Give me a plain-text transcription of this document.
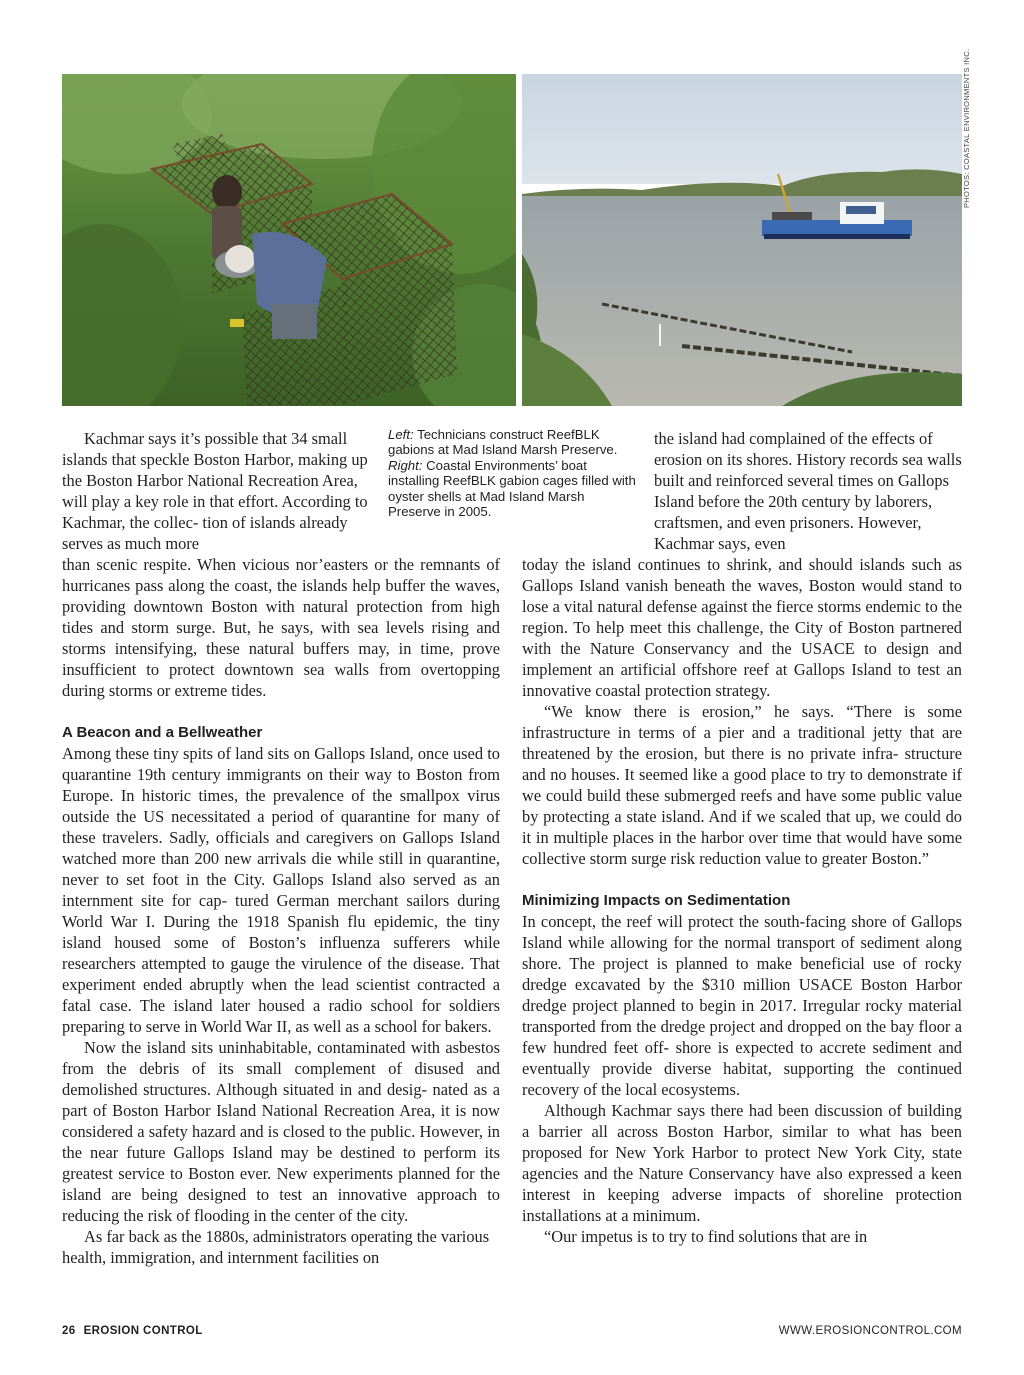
PHOTOS: COASTAL ENVIRONMENTS INC.
Left: Technicians construct ReefBLK gabions at Mad Island Marsh Preserve. Right: Coastal Environments’ boat installing ReefBLK gabion cages filled with oyster shells at Mad Island Marsh Preserve in 2005.

Kachmar says it’s possible that 34 small islands that speckle Boston Harbor, making up the Boston Harbor National Recreation Area, will play a key role in that effort. According to Kachmar, the collec- tion of islands already serves as much more

than scenic respite. When vicious nor’easters or the remnants of hurricanes pass along the coast, the islands help buffer the waves, providing downtown Boston with natural protection from high tides and storm surge. But, he says, with sea levels rising and storms intensifying, these natural buffers may, in time, prove insufficient to protect downtown sea walls from overtopping during storms or extreme tides.

A Beacon and a Bellweather

Among these tiny spits of land sits on Gallops Island, once used to quarantine 19th century immigrants on their way to Boston from Europe. In historic times, the prevalence of the smallpox virus outside the US necessitated a period of quarantine for many of these travelers. Sadly, officials and caregivers on Gallops Island watched more than 200 new arrivals die while still in quarantine, never to set foot in the City. Gallops Island also served as an internment site for cap- tured German merchant sailors during World War I. During the 1918 Spanish flu epidemic, the tiny island housed some of Boston’s influenza sufferers while researchers attempted to gauge the virulence of the disease. That experiment ended abruptly when the lead scientist contracted a fatal case. The island later housed a radio school for soldiers preparing to serve in World War II, as well as a school for bakers.

Now the island sits uninhabitable, contaminated with asbestos from the debris of its small complement of disused and demolished structures. Although situated in and desig- nated as a part of Boston Harbor Island National Recreation Area, it is now considered a safety hazard and is closed to the public. However, in the near future Gallops Island may be destined to perform its greatest service to Boston ever. New experiments planned for the island are being designed to test an innovative approach to reducing the risk of flooding in the center of the city.

As far back as the 1880s, administrators operating the various health, immigration, and internment facilities on

the island had complained of the effects of erosion on its shores. History records sea walls built and reinforced several times on Gallops Island before the 20th century by laborers, craftsmen, and even prisoners. However, Kachmar says, even

today the island continues to shrink, and should islands such as Gallops Island vanish beneath the waves, Boston would stand to lose a vital natural defense against the fierce storms endemic to the region. To help meet this challenge, the City of Boston partnered with the Nature Conservancy and the USACE to design and implement an artificial offshore reef at Gallops Island to test an innovative coastal protection strategy.

“We know there is erosion,” he says. “There is some infrastructure in terms of a pier and a traditional jetty that are threatened by the erosion, but there is no private infra- structure and no houses. It seemed like a good place to try to demonstrate if we could build these submerged reefs and have some public value by protecting a state island. And if we scaled that up, we could do it in multiple places in the harbor over time that would have some collective storm surge risk reduction value to greater Boston.”

Minimizing Impacts on Sedimentation

In concept, the reef will protect the south-facing shore of Gallops Island while allowing for the normal transport of sediment along shore. The project is planned to make beneficial use of rocky dredge excavated by the $310 million USACE Boston Harbor dredge project planned to begin in 2017. Irregular rocky material transported from the dredge project and dropped on the bay floor a few hundred feet off- shore is expected to accrete sediment and eventually provide diverse habitat, supporting the continued recovery of the local ecosystems.

Although Kachmar says there had been discussion of building a barrier all across Boston Harbor, similar to what has been proposed for New York Harbor to protect New York City, state agencies and the Nature Conservancy have also expressed a keen interest in keeping adverse impacts of shoreline protection installations at a minimum.

“Our impetus is to try to find solutions that are in

26 EROSION CONTROL	WWW.EROSIONCONTROL.COM
